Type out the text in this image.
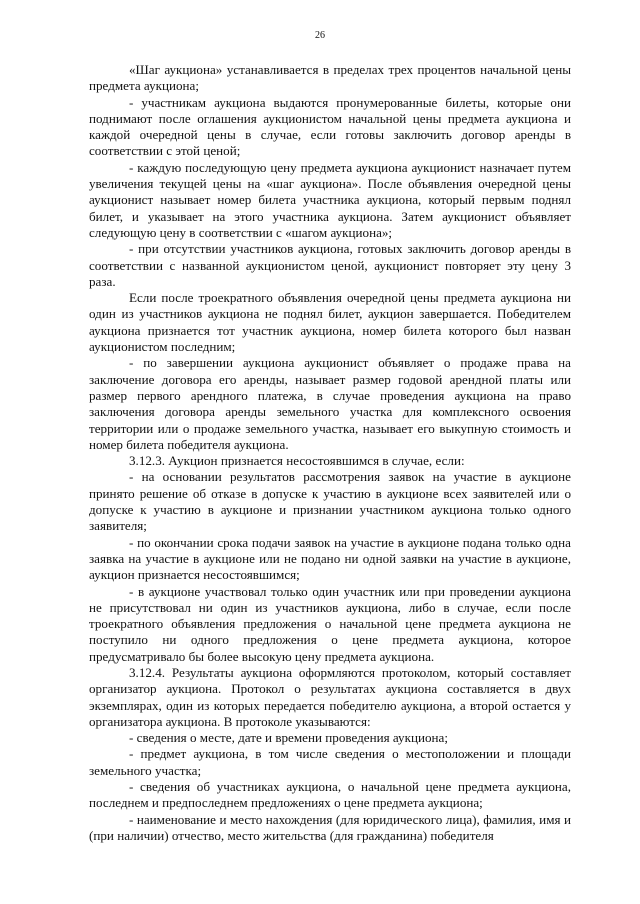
26

«Шаг аукциона» устанавливается в пределах трех процентов начальной цены предмета аукциона;

- участникам аукциона выдаются пронумерованные билеты, которые они поднимают после оглашения аукционистом начальной цены предмета аукциона и каждой очередной цены в случае, если готовы заключить договор аренды в соответствии с этой ценой;

- каждую последующую цену предмета аукциона аукционист назначает путем увеличения текущей цены на «шаг аукциона». После объявления очередной цены аукционист называет номер билета участника аукциона, который первым поднял билет, и указывает на этого участника аукциона. Затем аукционист объявляет следующую цену в соответствии с «шагом аукциона»;

- при отсутствии участников аукциона, готовых заключить договор аренды в соответствии с названной аукционистом ценой, аукционист повторяет эту цену 3 раза.

Если после троекратного объявления очередной цены предмета аукциона ни один из участников аукциона не поднял билет, аукцион завершается. Победителем аукциона признается тот участник аукциона, номер билета которого был назван аукционистом последним;

- по завершении аукциона аукционист объявляет о продаже права на заключение договора его аренды, называет размер годовой арендной платы или размер первого арендного платежа, в случае проведения аукциона на право заключения договора аренды земельного участка для комплексного освоения территории или о продаже земельного участка, называет его выкупную стоимость и номер билета победителя аукциона.

3.12.3. Аукцион признается несостоявшимся в случае, если:

- на основании результатов рассмотрения заявок на участие в аукционе принято решение об отказе в допуске к участию в аукционе всех заявителей или о допуске к участию в аукционе и признании участником аукциона только одного заявителя;

- по окончании срока подачи заявок на участие в аукционе подана только одна заявка на участие в аукционе или не подано ни одной заявки на участие в аукционе, аукцион признается несостоявшимся;

- в аукционе участвовал только один участник или при проведении аукциона не присутствовал ни один из участников аукциона, либо в случае, если после троекратного объявления предложения о начальной цене предмета аукциона не поступило ни одного предложения о цене предмета аукциона, которое предусматривало бы более высокую цену предмета аукциона.

3.12.4. Результаты аукциона оформляются протоколом, который составляет организатор аукциона. Протокол о результатах аукциона составляется в двух экземплярах, один из которых передается победителю аукциона, а второй остается у организатора аукциона. В протоколе указываются:

- сведения о месте, дате и времени проведения аукциона;

- предмет аукциона, в том числе сведения о местоположении и площади земельного участка;

- сведения об участниках аукциона, о начальной цене предмета аукциона, последнем и предпоследнем предложениях о цене предмета аукциона;

- наименование и место нахождения (для юридического лица), фамилия, имя и (при наличии) отчество, место жительства (для гражданина) победителя
